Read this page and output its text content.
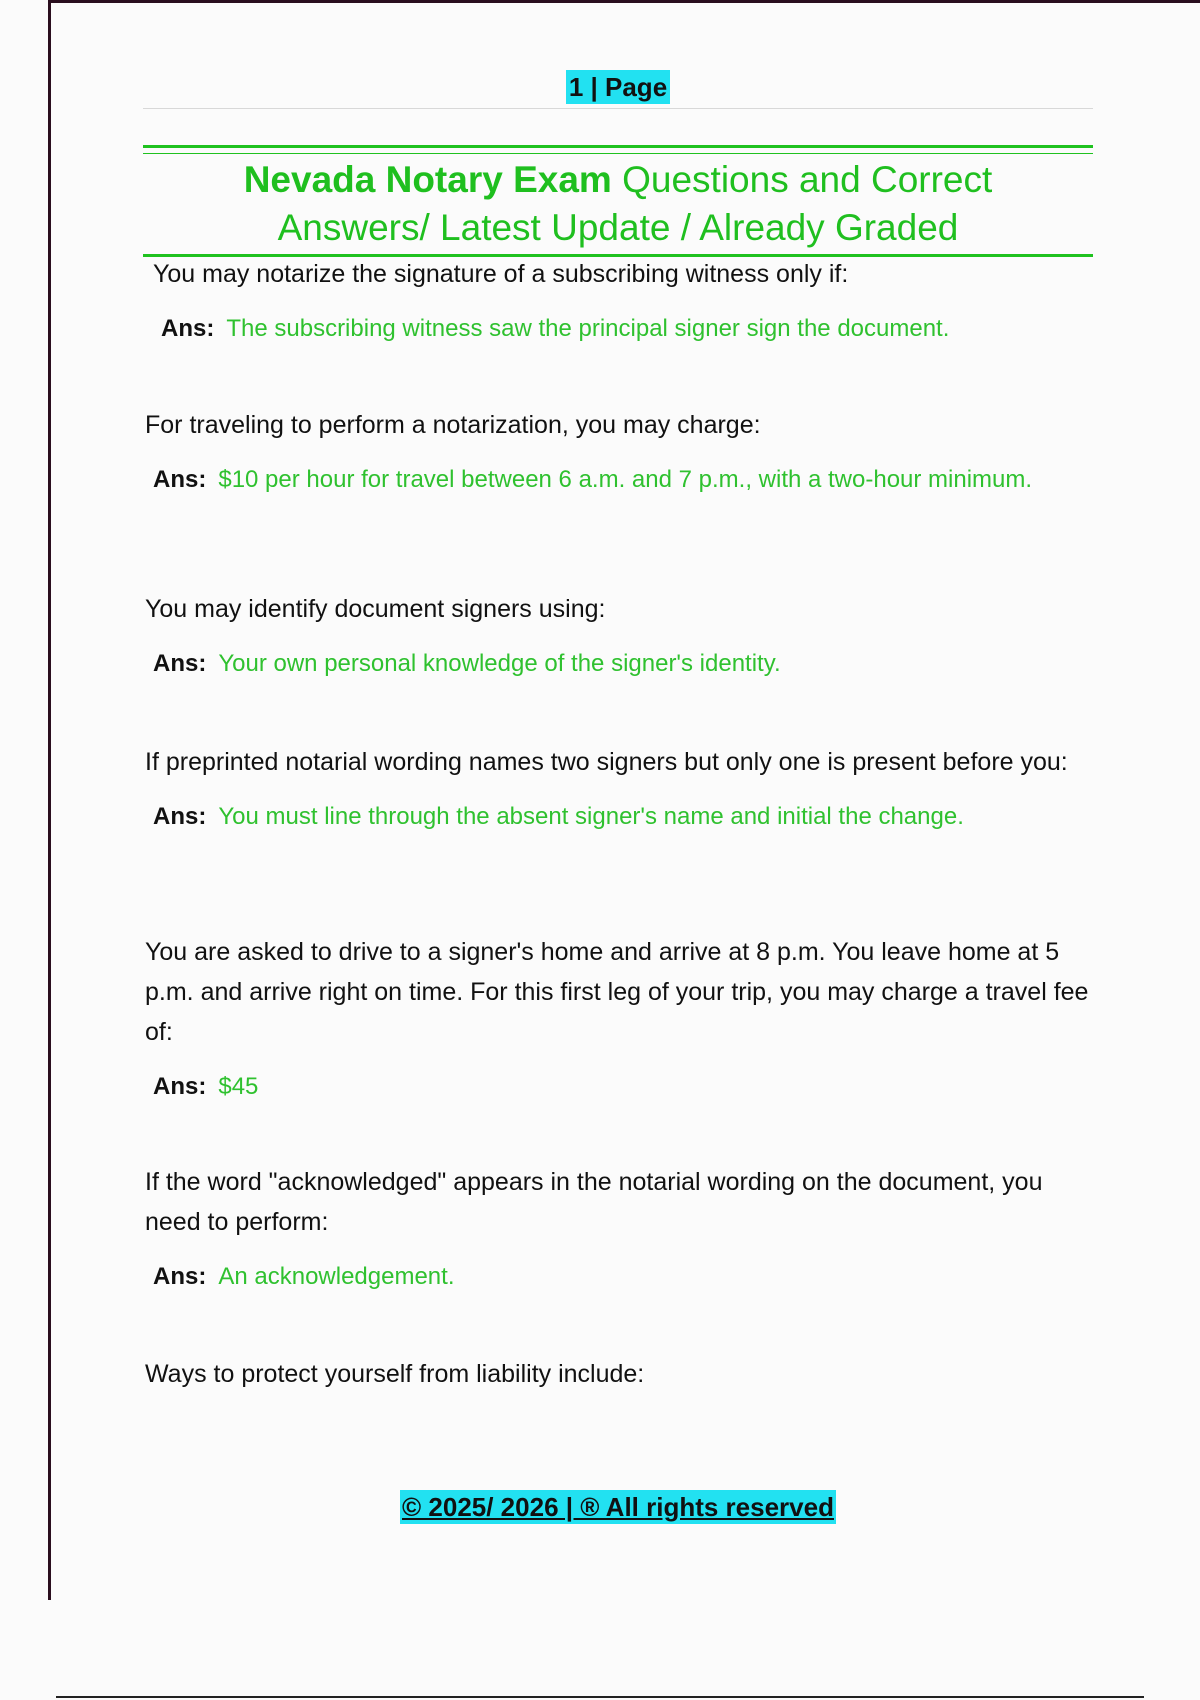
1 | Page
Nevada Notary Exam Questions and Correct
Answers/ Latest Update / Already Graded
You may notarize the signature of a subscribing witness only if:
Ans: The subscribing witness saw the principal signer sign the document.
For traveling to perform a notarization, you may charge:
Ans: $10 per hour for travel between 6 a.m. and 7 p.m., with a two-hour minimum.
You may identify document signers using:
Ans: Your own personal knowledge of the signer's identity.
If preprinted notarial wording names two signers but only one is present before you:
Ans: You must line through the absent signer's name and initial the change.
You are asked to drive to a signer's home and arrive at 8 p.m. You leave home at 5 p.m. and arrive right on time. For this first leg of your trip, you may charge a travel fee of:
Ans: $45
If the word "acknowledged" appears in the notarial wording on the document, you need to perform:
Ans: An acknowledgement.
Ways to protect yourself from liability include:
© 2025/ 2026 | ® All rights reserved
